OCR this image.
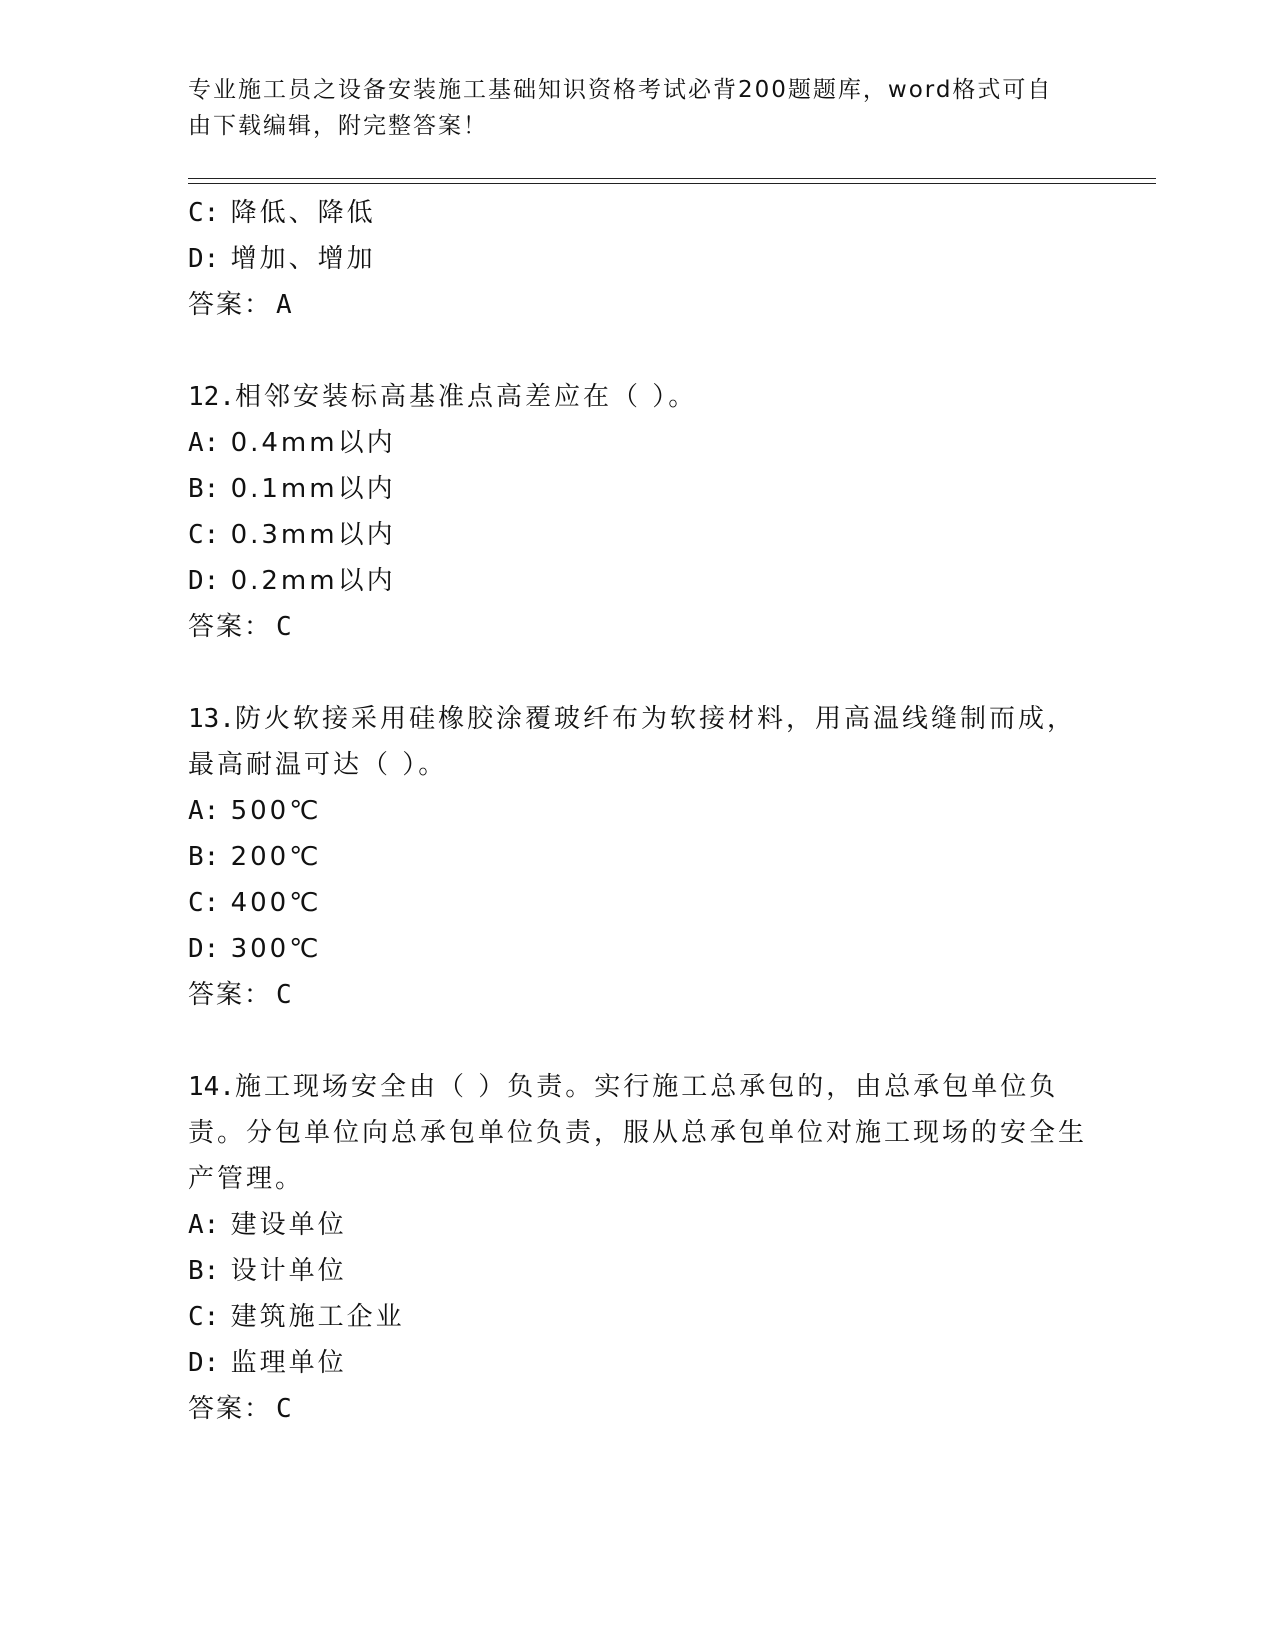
专业施工员之设备安装施工基础知识资格考试必背200题题库，word格式可自由下载编辑，附完整答案！
C: 降低、降低
D: 增加、增加
答案： A
12.相邻安装标高基准点高差应在（ ）。
A: 0.4mm以内
B: 0.1mm以内
C: 0.3mm以内
D: 0.2mm以内
答案： C
13.防火软接采用硅橡胶涂覆玻纤布为软接材料，用高温线缝制而成，最高耐温可达（ ）。
A: 500℃
B: 200℃
C: 400℃
D: 300℃
答案： C
14.施工现场安全由（ ）负责。实行施工总承包的，由总承包单位负责。分包单位向总承包单位负责，服从总承包单位对施工现场的安全生产管理。
A: 建设单位
B: 设计单位
C: 建筑施工企业
D: 监理单位
答案： C
